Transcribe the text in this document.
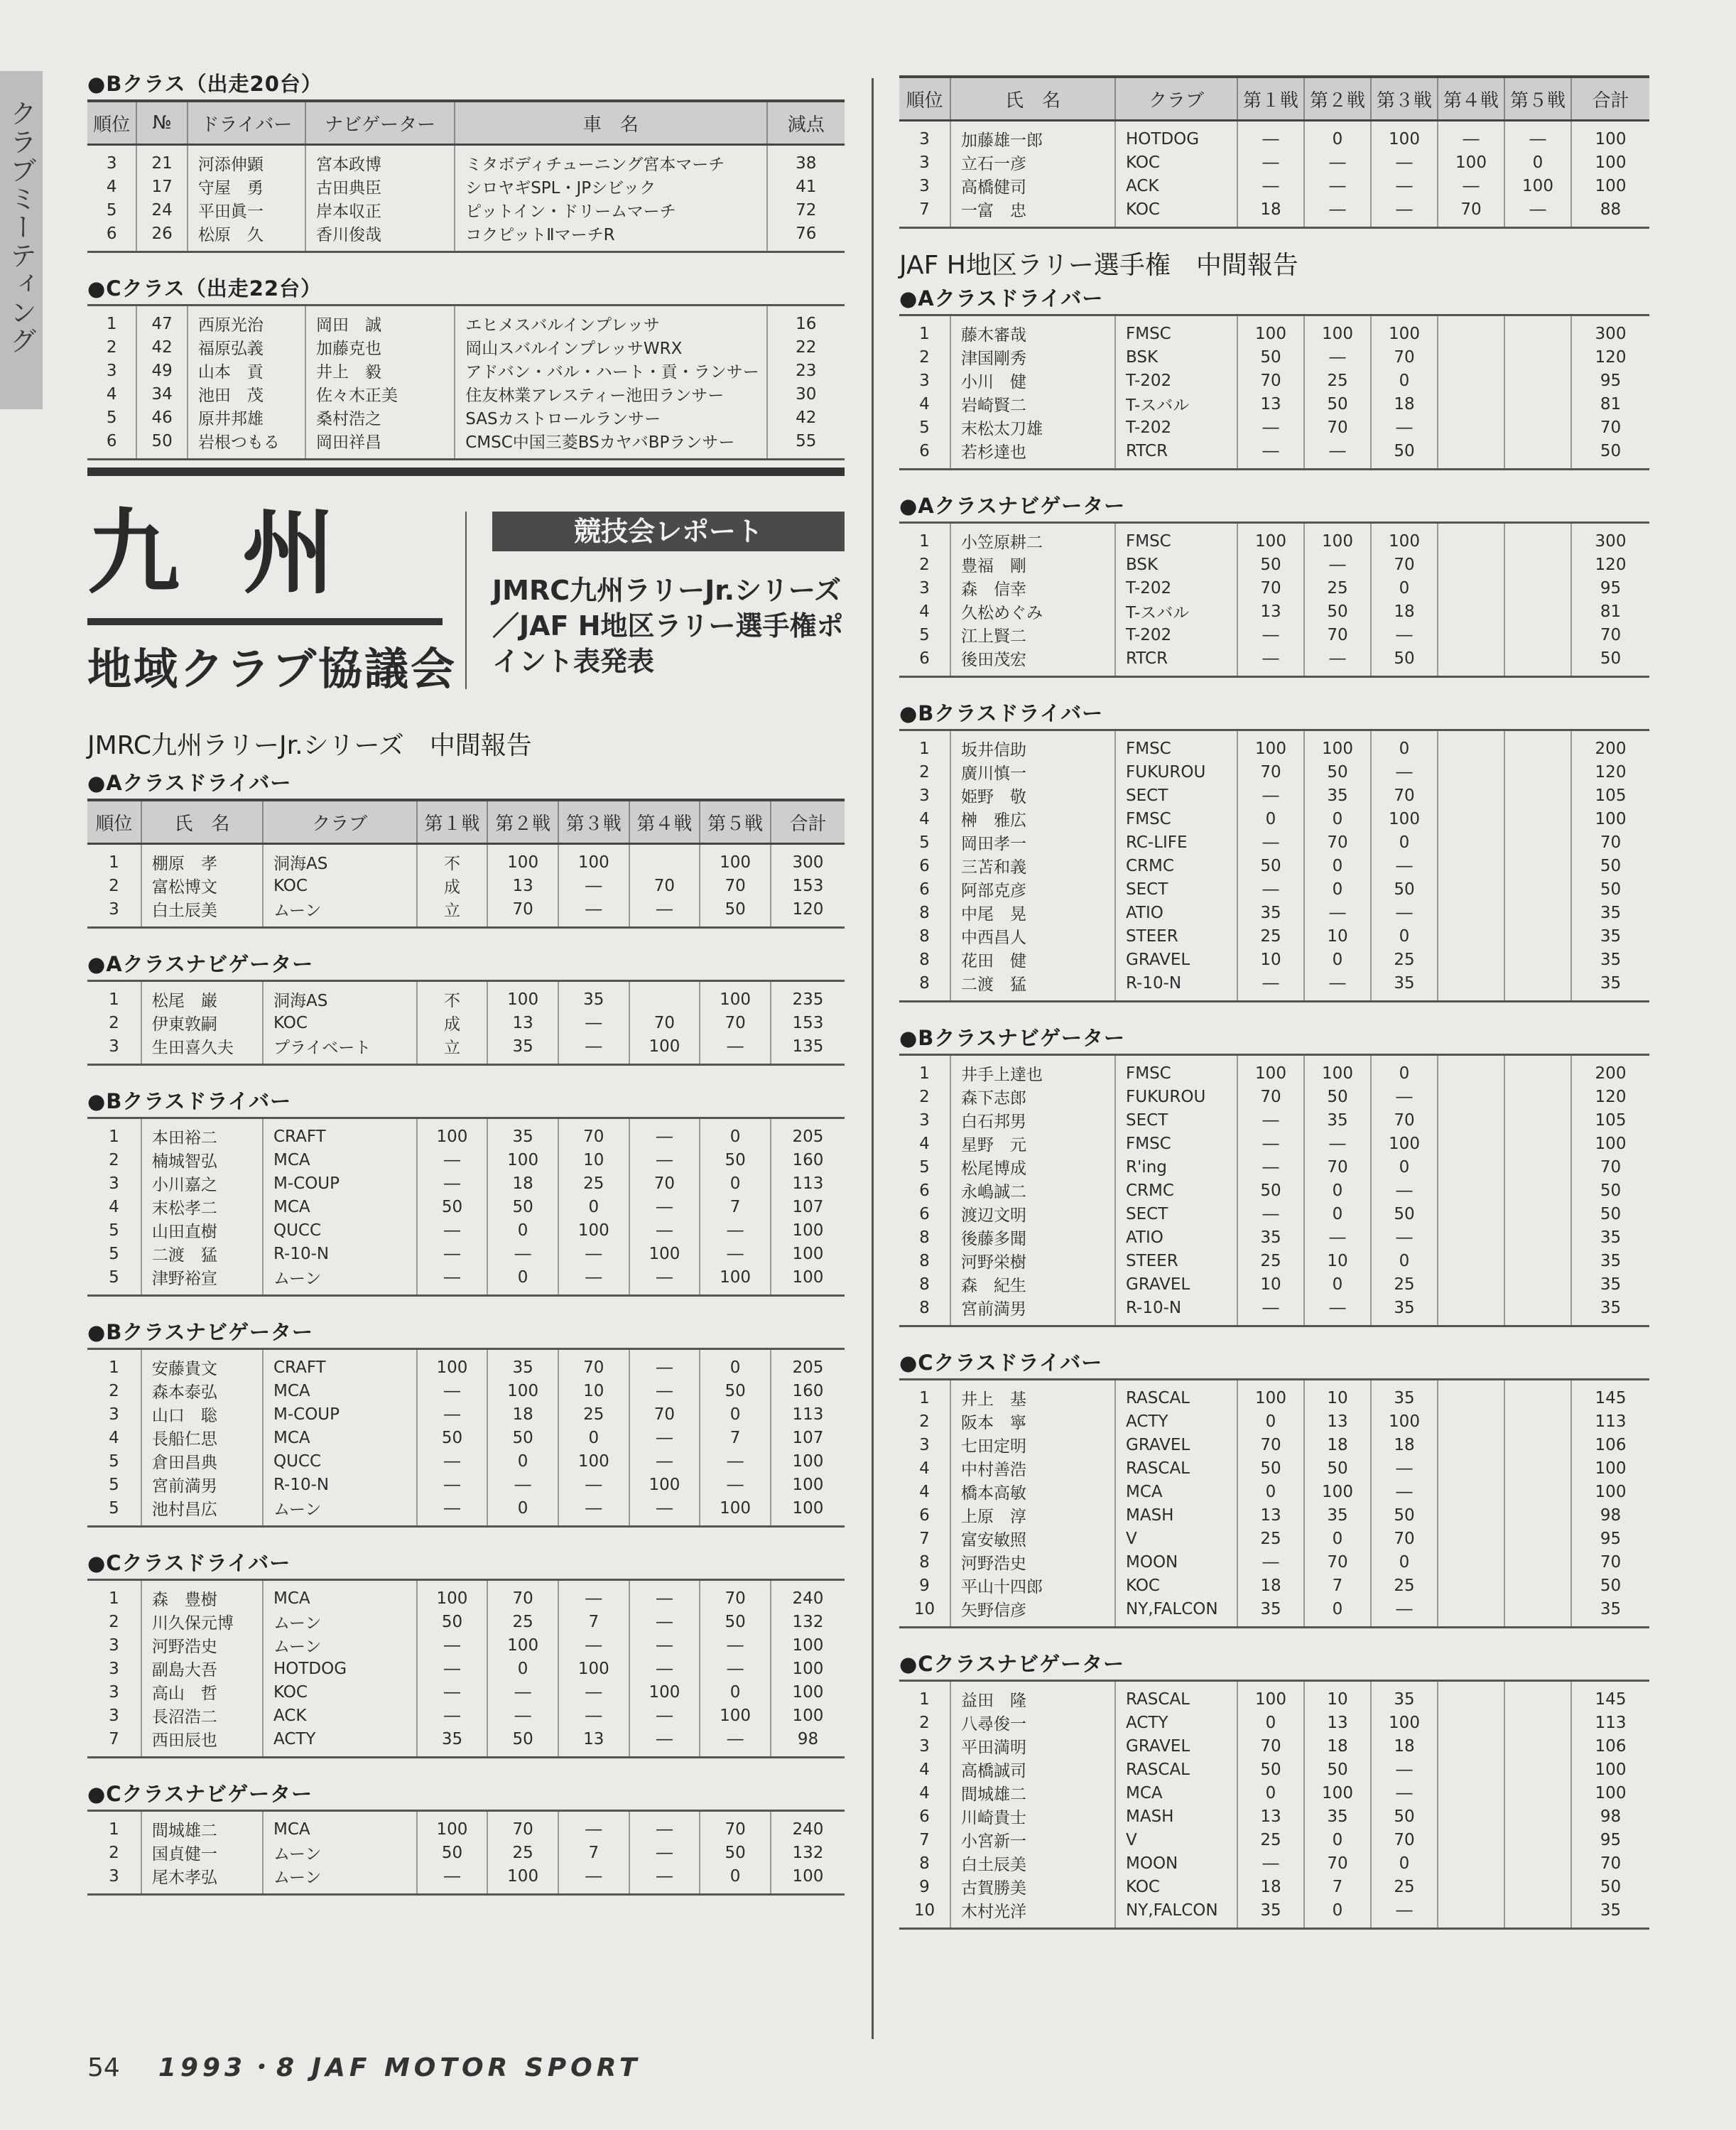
クラブミーティング
●Bクラス（出走20台）
順位	№	ドライバー	ナビゲーター	車　名	減点
3	21	河添伸顕	宮本政博	ミタボディチューニング宮本マーチ	38
4	17	守屋　勇	古田典臣	シロヤギSPL・JPシビック	41
5	24	平田眞一	岸本収正	ピットイン・ドリームマーチ	72
6	26	松原　久	香川俊哉	コクピットⅡマーチR	76
●Cクラス（出走22台）
1	47	西原光治	岡田　誠	エヒメスバルインプレッサ	16
2	42	福原弘義	加藤克也	岡山スバルインプレッサWRX	22
3	49	山本　貢	井上　毅	アドバン・バル・ハート・貢・ランサー	23
4	34	池田　茂	佐々木正美	住友林業アレスティー池田ランサー	30
5	46	原井邦雄	桑村浩之	SASカストロールランサー	42
6	50	岩根つもる	岡田祥昌	CMSC中国三菱BSカヤバBPランサー	55
九州
地域クラブ協議会
競技会レポート
JMRC九州ラリーJr.シリーズ／JAF H地区ラリー選手権ポイント表発表
JMRC九州ラリーJr.シリーズ　中間報告
●Aクラスドライバー
順位	氏　名	クラブ	第１戦	第２戦	第３戦	第４戦	第５戦	合計
1	棚原　孝	洞海AS	不	100	100		100	300
2	富松博文	KOC	成	13	―	70	70	153
3	白土辰美	ムーン	立	70	―	―	50	120
●Aクラスナビゲーター
1	松尾　巌	洞海AS	不	100	35		100	235
2	伊東敦嗣	KOC	成	13	―	70	70	153
3	生田喜久夫	プライベート	立	35	―	100	―	135
●Bクラスドライバー
1	本田裕二	CRAFT	100	35	70	―	0	205
2	楠城智弘	MCA	―	100	10	―	50	160
3	小川嘉之	M-COUP	―	18	25	70	0	113
4	末松孝二	MCA	50	50	0	―	7	107
5	山田直樹	QUCC	―	0	100	―	―	100
5	二渡　猛	R-10-N	―	―	―	100	―	100
5	津野裕宣	ムーン	―	0	―	―	100	100
●Bクラスナビゲーター
1	安藤貴文	CRAFT	100	35	70	―	0	205
2	森本泰弘	MCA	―	100	10	―	50	160
3	山口　聡	M-COUP	―	18	25	70	0	113
4	長船仁思	MCA	50	50	0	―	7	107
5	倉田昌典	QUCC	―	0	100	―	―	100
5	宮前満男	R-10-N	―	―	―	100	―	100
5	池村昌広	ムーン	―	0	―	―	100	100
●Cクラスドライバー
1	森　豊樹	MCA	100	70	―	―	70	240
2	川久保元博	ムーン	50	25	7	―	50	132
3	河野浩史	ムーン	―	100	―	―	―	100
3	副島大吾	HOTDOG	―	0	100	―	―	100
3	高山　哲	KOC	―	―	―	100	0	100
3	長沼浩二	ACK	―	―	―	―	100	100
7	西田辰也	ACTY	35	50	13	―	―	98
●Cクラスナビゲーター
1	間城雄二	MCA	100	70	―	―	70	240
2	国貞健一	ムーン	50	25	7	―	50	132
3	尾木孝弘	ムーン	―	100	―	―	0	100
順位	氏　名	クラブ	第１戦	第２戦	第３戦	第４戦	第５戦	合計
3	加藤雄一郎	HOTDOG	―	0	100	―	―	100
3	立石一彦	KOC	―	―	―	100	0	100
3	高橋健司	ACK	―	―	―	―	100	100
7	一富　忠	KOC	18	―	―	70	―	88
JAF H地区ラリー選手権　中間報告
●Aクラスドライバー
1	藤木審哉	FMSC	100	100	100			300
2	津国剛秀	BSK	50	―	70			120
3	小川　健	T-202	70	25	0			95
4	岩崎賢二	T-スバル	13	50	18			81
5	末松太刀雄	T-202	―	70	―			70
6	若杉達也	RTCR	―	―	50			50
●Aクラスナビゲーター
1	小笠原耕二	FMSC	100	100	100			300
2	豊福　剛	BSK	50	―	70			120
3	森　信幸	T-202	70	25	0			95
4	久松めぐみ	T-スバル	13	50	18			81
5	江上賢二	T-202	―	70	―			70
6	後田茂宏	RTCR	―	―	50			50
●Bクラスドライバー
1	坂井信助	FMSC	100	100	0			200
2	廣川慎一	FUKUROU	70	50	―			120
3	姫野　敬	SECT	―	35	70			105
4	榊　雅広	FMSC	0	0	100			100
5	岡田孝一	RC-LIFE	―	70	0			70
6	三苫和義	CRMC	50	0	―			50
6	阿部克彦	SECT	―	0	50			50
8	中尾　晃	ATIO	35	―	―			35
8	中西昌人	STEER	25	10	0			35
8	花田　健	GRAVEL	10	0	25			35
8	二渡　猛	R-10-N	―	―	35			35
●Bクラスナビゲーター
1	井手上達也	FMSC	100	100	0			200
2	森下志郎	FUKUROU	70	50	―			120
3	白石邦男	SECT	―	35	70			105
4	星野　元	FMSC	―	―	100			100
5	松尾博成	R'ing	―	70	0			70
6	永嶋誠二	CRMC	50	0	―			50
6	渡辺文明	SECT	―	0	50			50
8	後藤多聞	ATIO	35	―	―			35
8	河野栄樹	STEER	25	10	0			35
8	森　紀生	GRAVEL	10	0	25			35
8	宮前満男	R-10-N	―	―	35			35
●Cクラスドライバー
1	井上　基	RASCAL	100	10	35			145
2	阪本　寧	ACTY	0	13	100			113
3	七田定明	GRAVEL	70	18	18			106
4	中村善浩	RASCAL	50	50	―			100
4	橋本高敏	MCA	0	100	―			100
6	上原　淳	MASH	13	35	50			98
7	富安敏照	V	25	0	70			95
8	河野浩史	MOON	―	70	0			70
9	平山十四郎	KOC	18	7	25			50
10	矢野信彦	NY,FALCON	35	0	―			35
●Cクラスナビゲーター
1	益田　隆	RASCAL	100	10	35			145
2	八尋俊一	ACTY	0	13	100			113
3	平田満明	GRAVEL	70	18	18			106
4	高橋誠司	RASCAL	50	50	―			100
4	間城雄二	MCA	0	100	―			100
6	川崎貴士	MASH	13	35	50			98
7	小宮新一	V	25	0	70			95
8	白土辰美	MOON	―	70	0			70
9	古賀勝美	KOC	18	7	25			50
10	木村光洋	NY,FALCON	35	0	―			35
54 1993・8 JAF MOTOR SPORT
